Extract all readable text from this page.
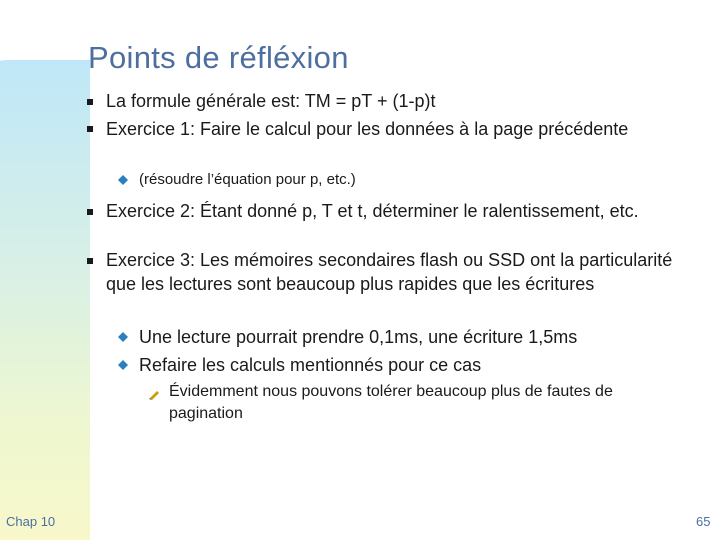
Points de réfléxion
La formule générale est: TM = pT + (1-p)t
Exercice 1: Faire le calcul pour les données à la page précédente
(résoudre l’équation pour p, etc.)
Exercice 2: Étant donné p, T et t, déterminer le ralentissement, etc.
Exercice 3: Les mémoires secondaires flash ou SSD ont la particularité que les lectures sont beaucoup plus rapides que les écritures
Une lecture pourrait prendre 0,1ms, une écriture 1,5ms
Refaire les calculs mentionnés pour ce cas
Évidemment nous pouvons tolérer beaucoup plus de fautes de pagination
Chap 10	65
